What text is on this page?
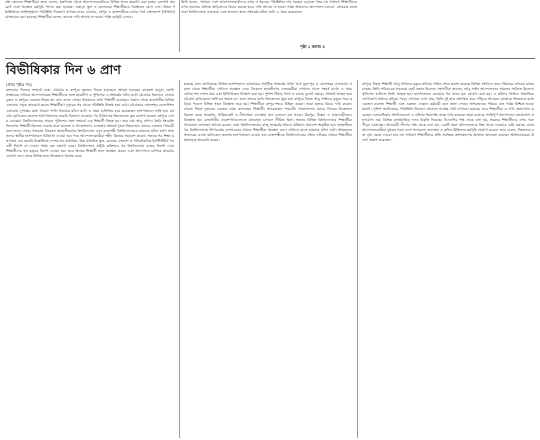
প্রশ্ন তোলেন শিক্ষার্থীরা। তারা বলেন, মন্ত্রণালয় থেকে আন্দোলনকারীদের বিভিন্ন ভাবে হয়রানি করা হচ্ছে। রেলপথ অবরোধ এবং অবস্থান কর্মসূচি পালন করা হয়েছে। এছাড়া স্কুল ও কলেজের শিক্ষার্থীরাও বিক্ষোভে যোগ দেন। উত্তর পরিস্থিতিতে আইনশৃঙ্খলা পরিস্থিতি নিয়ন্ত্রণে রাখতে ঢাকা, চট্টগ্রাম, রংপুর ও রাজশাহীতে বর্ডার গার্ড বাংলাদেশ (বিজিবি) মোতায়েন করা হয়েছে। শিক্ষার্থীরা বলেন, তাদের দাবি আদায় না হওয়া পর্যন্ত কর্মসূচি চলবে।

তিনি বলেন, 'আমরা দেশে আন্দোলনকারীদের ওপর এ ধরনের পরিস্থিতির দায় সরকার এড়াতে পারে না। সাধারণ শিক্ষার্থীদের ওপর হামলার ঘটনায় জড়িতদের বিচার করতে হবে। দাবি আদায় না হওয়া পর্যন্ত আমাদের আন্দোলন চলবে।' সোমবার রাতে ঢাকা বিশ্ববিদ্যালয় এলাকায় এবং অন্যান্য স্থানে সংঘর্ষের ঘটনা ঘটে। এ সময় কয়েকজন

পৃষ্ঠা ২ কলাম ৪
বিভীষিকার দিন ৬ প্রাণ
(প্রথম পৃষ্ঠার পর)

মঙ্গলবার দিনভর সংঘর্ষে ঢাকা, চট্টগ্রাম ও রংপুরে ছয়জন নিহত হয়েছেন। আহত হয়েছেন কয়েকশ মানুষ। কোটা সংস্কারের দাবিতে আন্দোলনরত শিক্ষার্থীদের সঙ্গে ছাত্রলীগ ও পুলিশের এ সংঘর্ষের ঘটনা ঘটে। চট্টগ্রামে তিনজন, ঢাকায় দুজন ও রংপুরে একজন নিহত হন বলে জানা গেছে। নিহতদের মধ্যে শিক্ষার্থী রয়েছেন। সকাল থেকে রাজধানীর বিভিন্ন এলাকায় সড়ক অবরোধ করেন শিক্ষার্থীরা। দুপুরের পর থেকে পরিস্থিতি উত্তপ্ত হয়ে ওঠে। চট্টগ্রামের ষোলশহর রেলস্টেশন এলাকায় দুপক্ষের মধ্যে ধাওয়া পাল্টা ধাওয়ার ঘটনা ঘটে। এ সময় গুলিবিদ্ধ হয়ে কয়েকজন হাসপাতালে ভর্তি হন। চট্টগ্রাম মেডিকেল কলেজ হাসপাতালের জরুরি বিভাগে নেওয়ার পর চিকিৎসক তিনজনকে মৃত ঘোষণা করেন। রংপুরে বেগম রোকেয়া বিশ্ববিদ্যালয়ের সামনে পুলিশের সঙ্গে সংঘর্ষে এক শিক্ষার্থী নিহত হন। তার নাম আবু সাঈদ। তিনি ইংরেজি বিভাগের শিক্ষার্থী ছিলেন। ঢাকায় ঢাকা কলেজ ও সায়েন্সল্যাব এলাকায় সংঘর্ষে দুজন নিহত হন। তাদের একজন পথচারী বলে জানা গেছে। গতকাল বিকেলে জাহাঙ্গীরনগর বিশ্ববিদ্যালয় এবং রাজশাহী বিশ্ববিদ্যালয়েও হামলার ঘটনা ঘটে। আহতদের স্থানীয় হাসপাতালে চিকিৎসা দেওয়া হয়। পরে আন্দোলনকারীরা শহীদ মিনারে সমাবেশ করেন। সন্ধ্যার পর শিক্ষা মন্ত্রণালয় এক জরুরি বিজ্ঞপ্তিতে দেশের সব মাধ্যমিক, উচ্চ মাধ্যমিক স্কুল, কলেজ, মাদ্রাসা ও পলিটেকনিক ইনস্টিটিউট পরবর্তী নির্দেশ না দেওয়া পর্যন্ত বন্ধ ঘোষণা করে। বিশ্ববিদ্যালয় মঞ্জুরি কমিশনও সব বিশ্ববিদ্যালয় বন্ধের নির্দেশ দেয়। শিক্ষার্থীদের হল ছাড়ার নির্দেশ দেওয়া হয়। তবে অনেক শিক্ষার্থী হলে অবস্থান করেন এবং আন্দোলন চালিয়ে যাওয়ার ঘোষণা দেন। রাতে বিভিন্ন হলে উত্তেজনা বিরাজ করে।

হয়েছে বলে জানিয়েছে বিভিন্ন হাসপাতাল। চট্টগ্রামের সর্বাধিক সংঘর্ষের ঘটনা ঘটে মুরাদপুর ও ষোলশহর এলাকায়। সকাল থেকে শিক্ষার্থীরা সেখানে অবস্থান নেন। বিকেলে ছাত্রলীগের নেতাকর্মীরা সেখানে গেলে সংঘর্ষ বাধে। এ সময় গুলির শব্দ শোনা যায় এবং ইটপাটকেল নিক্ষেপ করা হয়। পুলিশ টিয়ার গ্যাস ও রাবার বুলেট ছোড়ে। সংঘর্ষে আহত হয়ে চট্টগ্রাম মেডিকেলে ভর্তি হন অন্তত ৩০ জন। তাদের মধ্যে তিনজনের মৃত্যু হয়। রংপুরে নিহত আবু সাঈদের মৃত্যুর খবর ছড়িয়ে পড়লে বিভিন্ন স্থানে বিক্ষোভ শুরু হয়। শিক্ষার্থীরা রংপুর শহরে মিছিল করেন। তারা হত্যার বিচার দাবি করেন। ঢাকায় নিহত দুজনের একজন ঢাকা কলেজের শিক্ষার্থী। আরেকজন পথচারী। সায়েন্সল্যাব মোড়ে দিনভর উত্তেজনা বিরাজ করে। ধানমন্ডি, নিউমার্কেট ও নীলক্ষেত এলাকায় যান চলাচল বন্ধ থাকে। মিরপুর, উত্তরা ও যাত্রাবাড়ীতেও বিক্ষোভ হয়। রাজধানীর প্রবেশপথগুলোতে যানবাহন চলাচল সীমিত ছিল। সন্ধ্যায় বিভিন্ন বিশ্ববিদ্যালয়ে শিক্ষার্থীরা গায়েবানা জানাজা আদায় করেন। ঢাকা বিশ্ববিদ্যালয়ের রাজু ভাস্কর্যের সামনে প্রতিবাদ সমাবেশ অনুষ্ঠিত হয়। জাহাঙ্গীরনগর বিশ্ববিদ্যালয়ে উপাচার্যের বাসভবনের সামনে শিক্ষার্থীরা অবস্থান নেন। সেখানে রাতে হামলার ঘটনা ঘটে। আহতদের সাভারের এনাম মেডিকেল কলেজ হাসপাতালে নেওয়া হয়। রাজশাহীতে বিশ্ববিদ্যালয়ের প্রধান ফটকের সামনে শিক্ষার্থীরা মহাসড়ক অবরোধ করেন।

রংপুরে নিহত শিক্ষার্থী আবু সাঈদের মৃত্যুর ঘটনায় গভীর শোক প্রকাশ করেছে বিভিন্ন সংগঠন। তার পরিবারে শোকের মাতম চলছে। তিনি পরিবারের সবচেয়ে ছোট সন্তান ছিলেন। সহপাঠীরা জানান, আবু সাঈদ আন্দোলনের সামনের সারিতে ছিলেন। পুলিশের গুলিতে তিনি আহত হন। হাসপাতালে নেওয়ার পর তাকে মৃত ঘোষণা করা হয়। এ ঘটনার ভিডিও সামাজিক যোগাযোগ মাধ্যমে ছড়িয়ে পড়ে। সেখানে দেখা যায়, তিনি দুই হাত প্রসারিত করে দাঁড়িয়ে আছেন। চট্টগ্রামে নিহতদের মধ্যে একজন কলেজ শিক্ষার্থী এবং একজন দোকান কর্মচারী বলে জানা গেছে। অপরজনের পরিচয় রাত পর্যন্ত নিশ্চিত হওয়া যায়নি। পুলিশ জানিয়েছে, পরিস্থিতি নিয়ন্ত্রণে আনতে সর্বোচ্চ ধৈর্য দেখানো হয়েছে। তবে শিক্ষার্থীরা এ দাবি প্রত্যাখ্যান করেছেন। মানবাধিকার সংগঠনগুলো এ ঘটনার নিরপেক্ষ তদন্ত দাবি করেছে। তারা বলেছে, শান্তিপূর্ণ আন্দোলনে বলপ্রয়োগ গ্রহণযোগ্য নয়। বিভিন্ন রাজনৈতিক দলও বিবৃতি দিয়েছে। বিএনপির পক্ষ থেকে বলা হয়, সরকার শিক্ষার্থীদের ওপর দমন পীড়ন চালাচ্ছে। আওয়ামী লীগের পক্ষ থেকে বলা হয়, একটি মহল আন্দোলনকে ভিন্ন খাতে নেওয়ার চেষ্টা করছে। রাতে আন্দোলনকারীরা বুধবার সারা দেশে গায়েবানা জানাজা ও কফিন মিছিলের কর্মসূচি ঘোষণা করেন। তারা বলেন, নিহতদের রক্ত বৃথা যেতে দেওয়া হবে না। সাধারণ শিক্ষার্থীদের প্রতি সর্বাত্মক অংশগ্রহণের আহ্বান জানানো হয়েছে। অভিভাবকেরা উদ্বেগ প্রকাশ করেছেন।
